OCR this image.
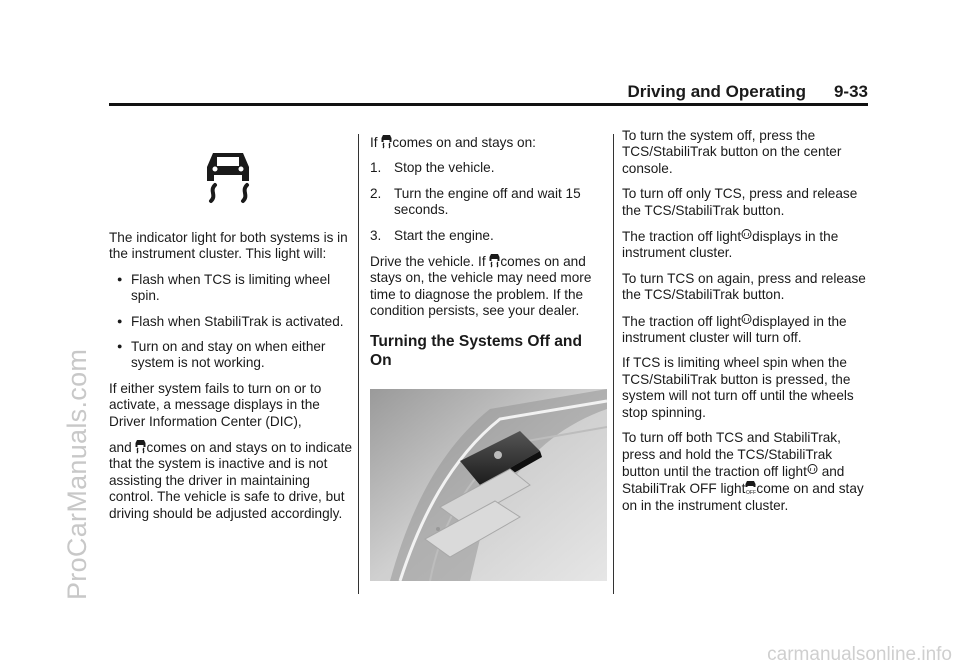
Driving and Operating 9-33
ProCarManuals.com
carmanualsonline.info

The indicator light for both systems is in the instrument cluster. This light will:

● Flash when TCS is limiting wheel spin.
● Flash when StabiliTrak is activated.
● Turn on and stay on when either system is not working.

If either system fails to turn on or to activate, a message displays in the Driver Information Center (DIC),

and comes on and stays on to indicate that the system is inactive and is not assisting the driver in maintaining control. The vehicle is safe to drive, but driving should be adjusted accordingly.

If comes on and stays on:

1. Stop the vehicle.
2. Turn the engine off and wait 15 seconds.
3. Start the engine.

Drive the vehicle. If comes on and stays on, the vehicle may need more time to diagnose the problem. If the condition persists, see your dealer.

Turning the Systems Off and On

To turn the system off, press the TCS/StabiliTrak button on the center console.

To turn off only TCS, press and release the TCS/StabiliTrak button.

The traction off light displays in the instrument cluster.

To turn TCS on again, press and release the TCS/StabiliTrak button.

The traction off light displayed in the instrument cluster will turn off.

If TCS is limiting wheel spin when the TCS/StabiliTrak button is pressed, the system will not turn off until the wheels stop spinning.

To turn off both TCS and StabiliTrak, press and hold the TCS/StabiliTrak button until the traction off light and StabiliTrak OFF light OFF come on and stay on in the instrument cluster.
